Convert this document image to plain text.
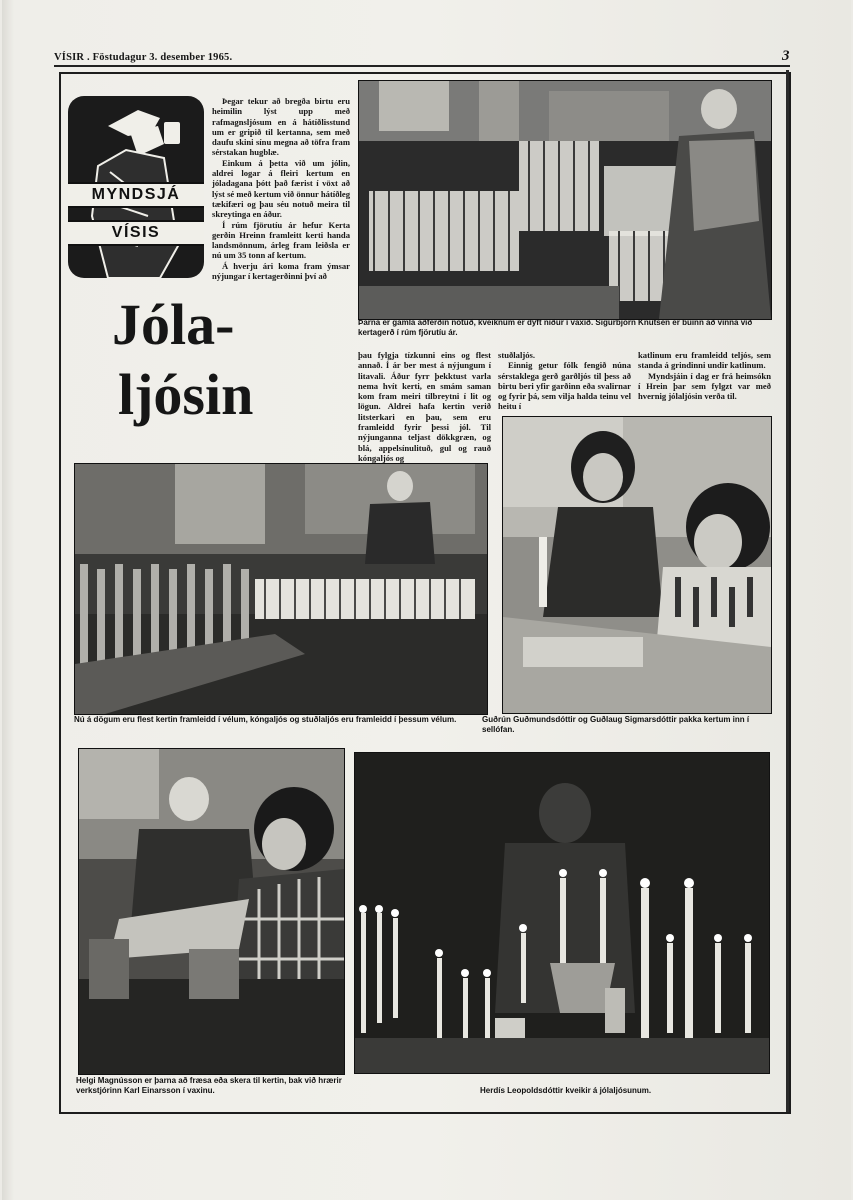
VÍSIR . Föstudagur 3. desember 1965.	3
MYNDSJÁ
VÍSIS

Þegar tekur að bregða birtu eru heimilin lýst upp með rafmagnsljósum en á hátíðlisstund um er gripið til kertanna, sem með daufu skini sínu megna að töfra fram sérstakan hugblæ.

Einkum á þetta við um jólin, aldrei logar á fleiri kertum en jóladagana þótt það færist í vöxt að lýst sé með kertum við önnur hátíðleg tækifæri og þau séu notuð meira til skreytinga en áður.

Í rúm fjörutíu ár hefur Kerta gerðin Hreinn framleitt kerti handa landsmönnum, árleg fram leiðsla er nú um 35 tonn af kertum.

Á hverju ári koma fram ýmsar nýjungar í kertagerðinni því að

Jóla-
ljósin
Þarna er gamla aðferðin notuð, kveiknum er dýft niður í vaxið. Sigurbjörn Knutsen er búinn að vinna við kertagerð í rúm fjörutíu ár.

þau fylgja tízkunni eins og flest annað. Í ár ber mest á nýjungum í litavali. Áður fyrr þekktust varla nema hvít kerti, en smám saman kom fram meiri tilbreytni í lit og lögun. Aldrei hafa kertin verið litsterkari en þau, sem eru framleidd fyrir þessi jól. Til nýjunganna teljast dökkgræn, og blá, appelsínulituð, gul og rauð kóngaljós og

stuðlaljós.

Einnig getur fólk fengið núna sérstaklega gerð garðljós til þess að birtu beri yfir garðinn eða svalirnar og fyrir þá, sem vilja halda teinu vel heitu í

katlinum eru framleidd teljós, sem standa á grindinni undir katlinum.

Myndsjáin í dag er frá heimsókn í Hrein þar sem fylgzt var með hvernig jólaljósin verða til.

Nú á dögum eru flest kertin framleidd í vélum, kóngaljós og stuðlaljós eru framleidd í þessum vélum.	Guðrún Guðmundsdóttir og Guðlaug Sigmarsdóttir pakka kertum inn í sellófan.
Helgi Magnússon er þarna að fræsa eða skera til kertin, bak við hrærir verkstjórinn Karl Einarsson í vaxinu.	Herdís Leopoldsdóttir kveikir á jólaljósunum.
